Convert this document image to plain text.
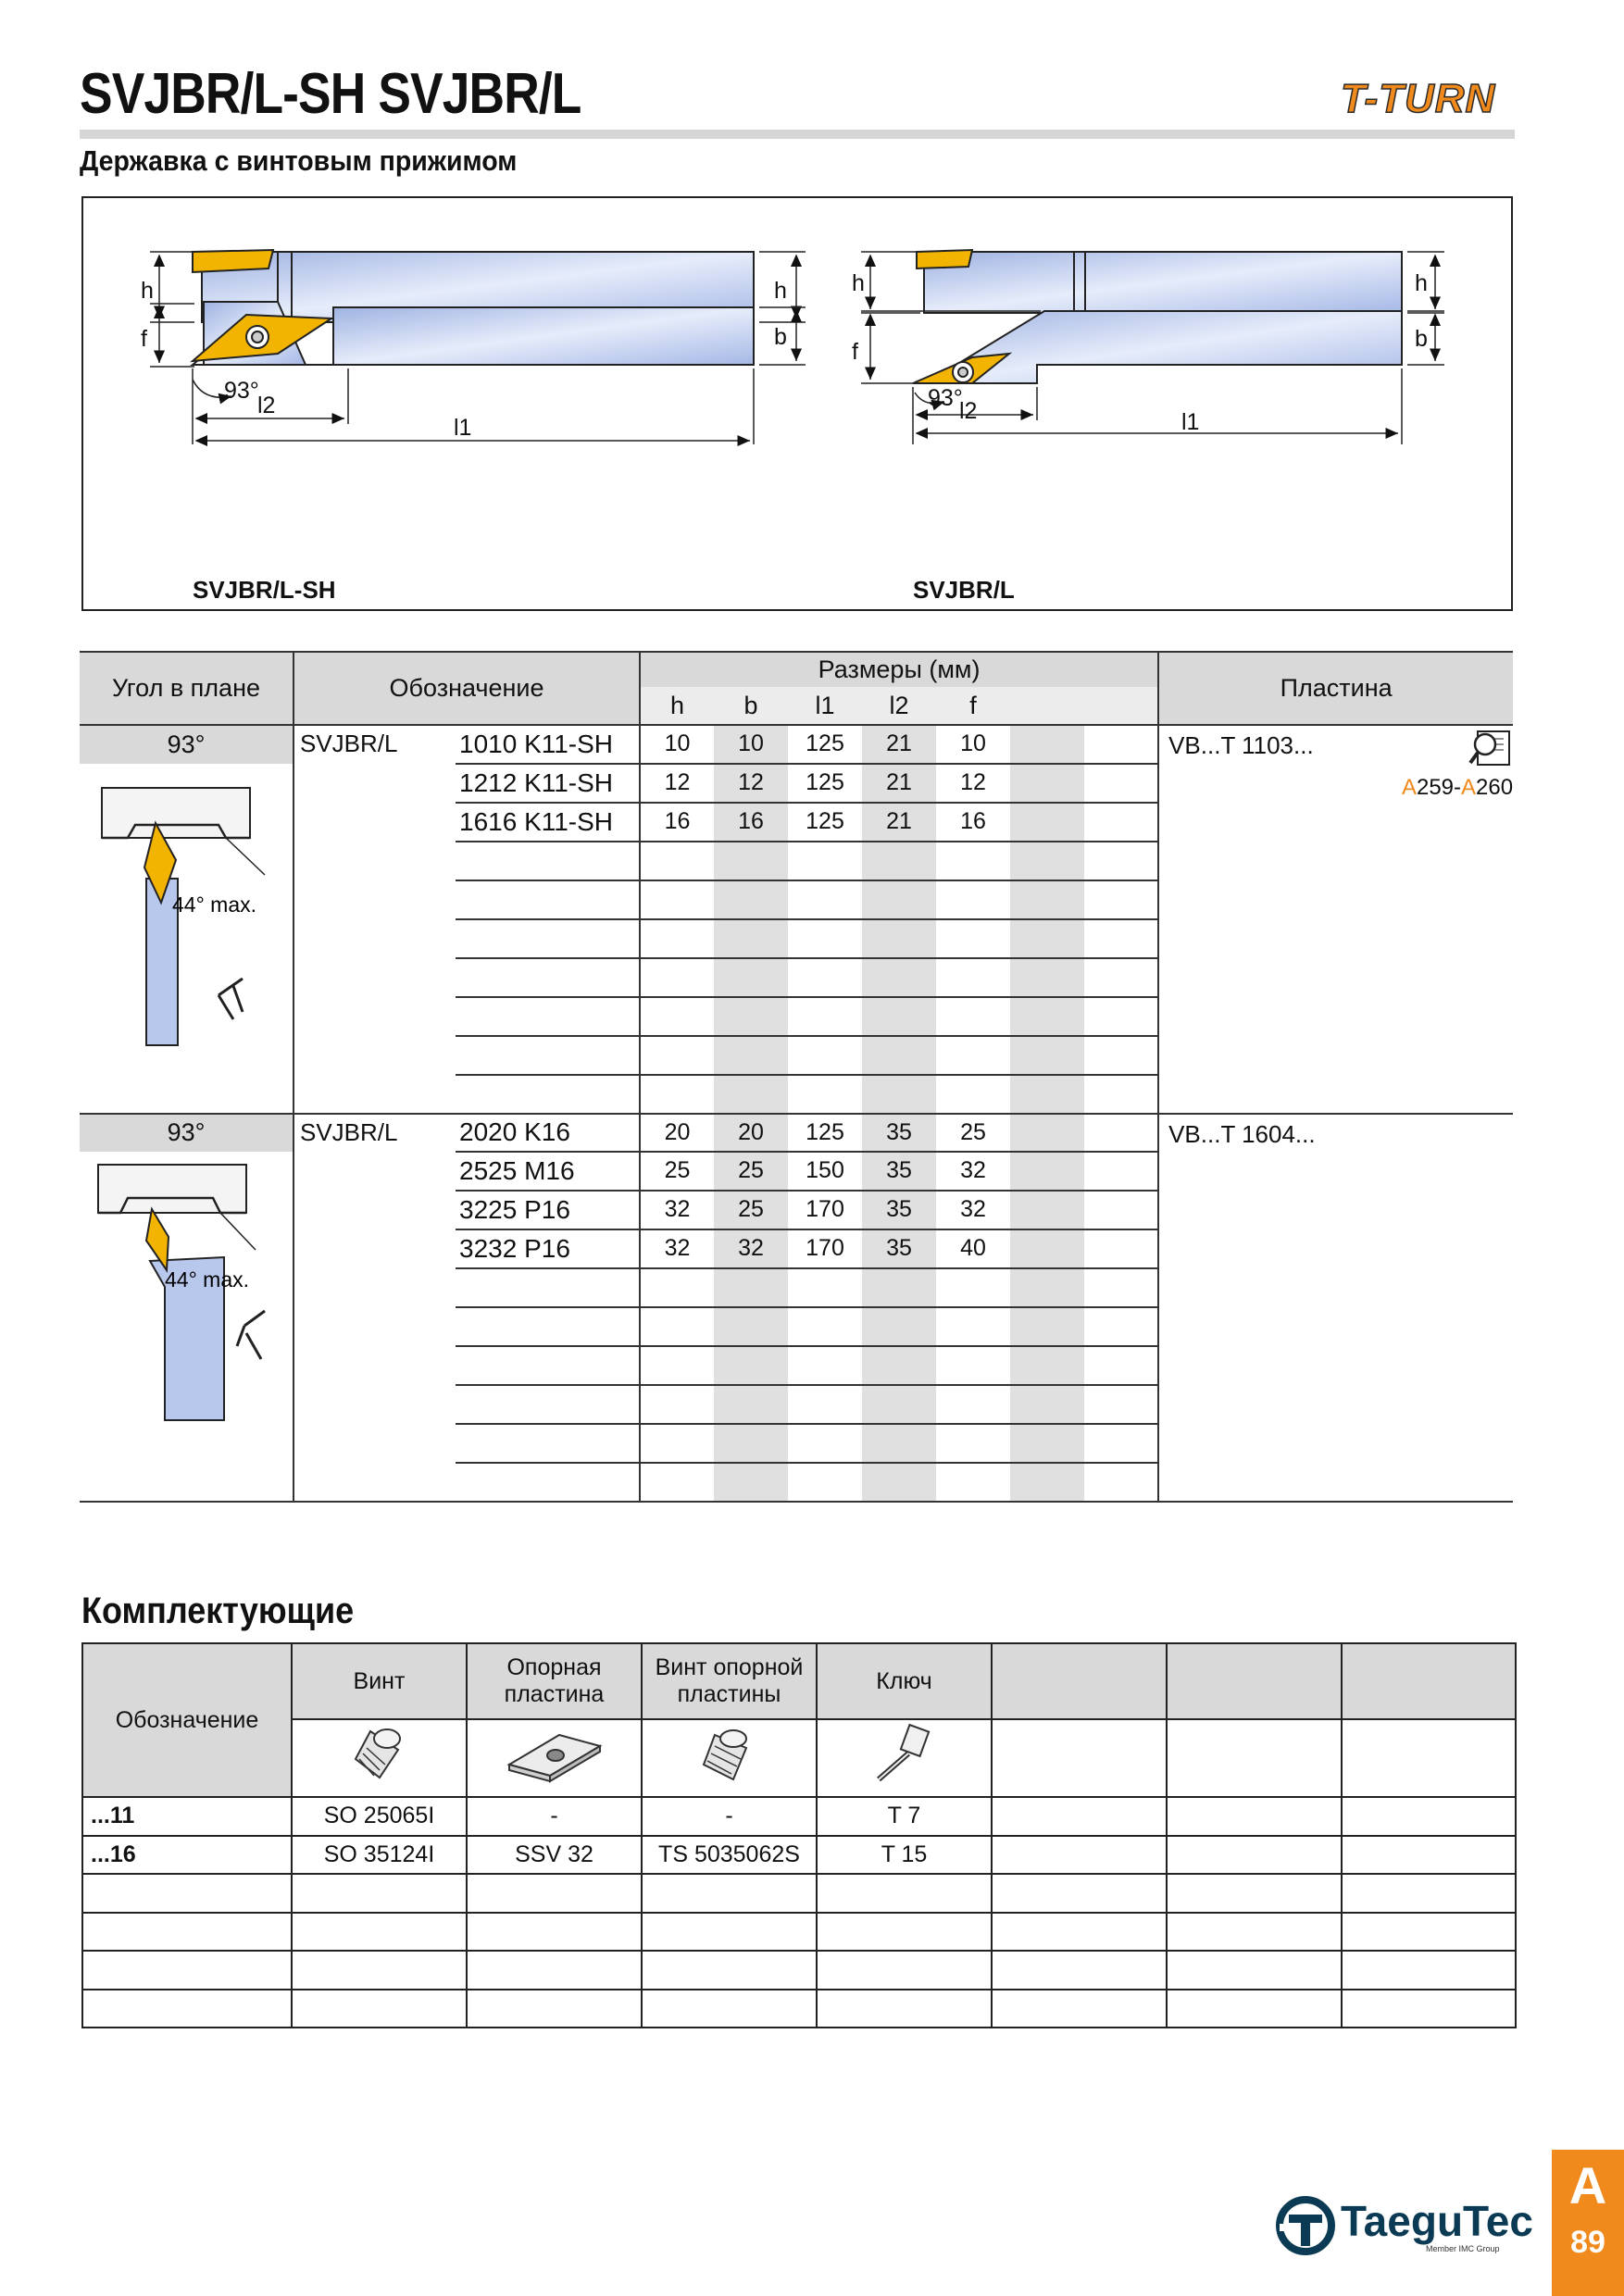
SVJBR/L-SH SVJBR/L	T-TURN
Державка с винтовым прижимом
h	h
f	b
93°
l2
l1
h	h
f	b
93°
l2	l1
SVJBR/L-SH	SVJBR/L
Угол в плане	Обозначение		Размеры (мм)							Пластина	
			h	b	l1	l2	f				
93°	SVJBR/L	1010 K11-SH	10	10	125	21	10			VB...T 1103...	A259-A260

44° max.		1212 K11-SH	12	12	125	21	12				
		1616 K11-SH	16	16	125	21	16				

93°	SVJBR/L	2020 K16	20	20	125	35	25			VB...T 1604...	

44° max.		2525 M16	25	25	150	35	32				
		3225 P16	32	25	170	35	32				
		3232 P16	32	32	170	35	40				

Комплектующие
Обозначение	Винт	Опорная пластина	Винт опорной пластины	Ключ			

...11	SO 25065I	-	-	T 7			
...16	SO 35124I	SSV 32	TS 5035062S	T 15			

TaeguTec
Member IMC Group
A
89
